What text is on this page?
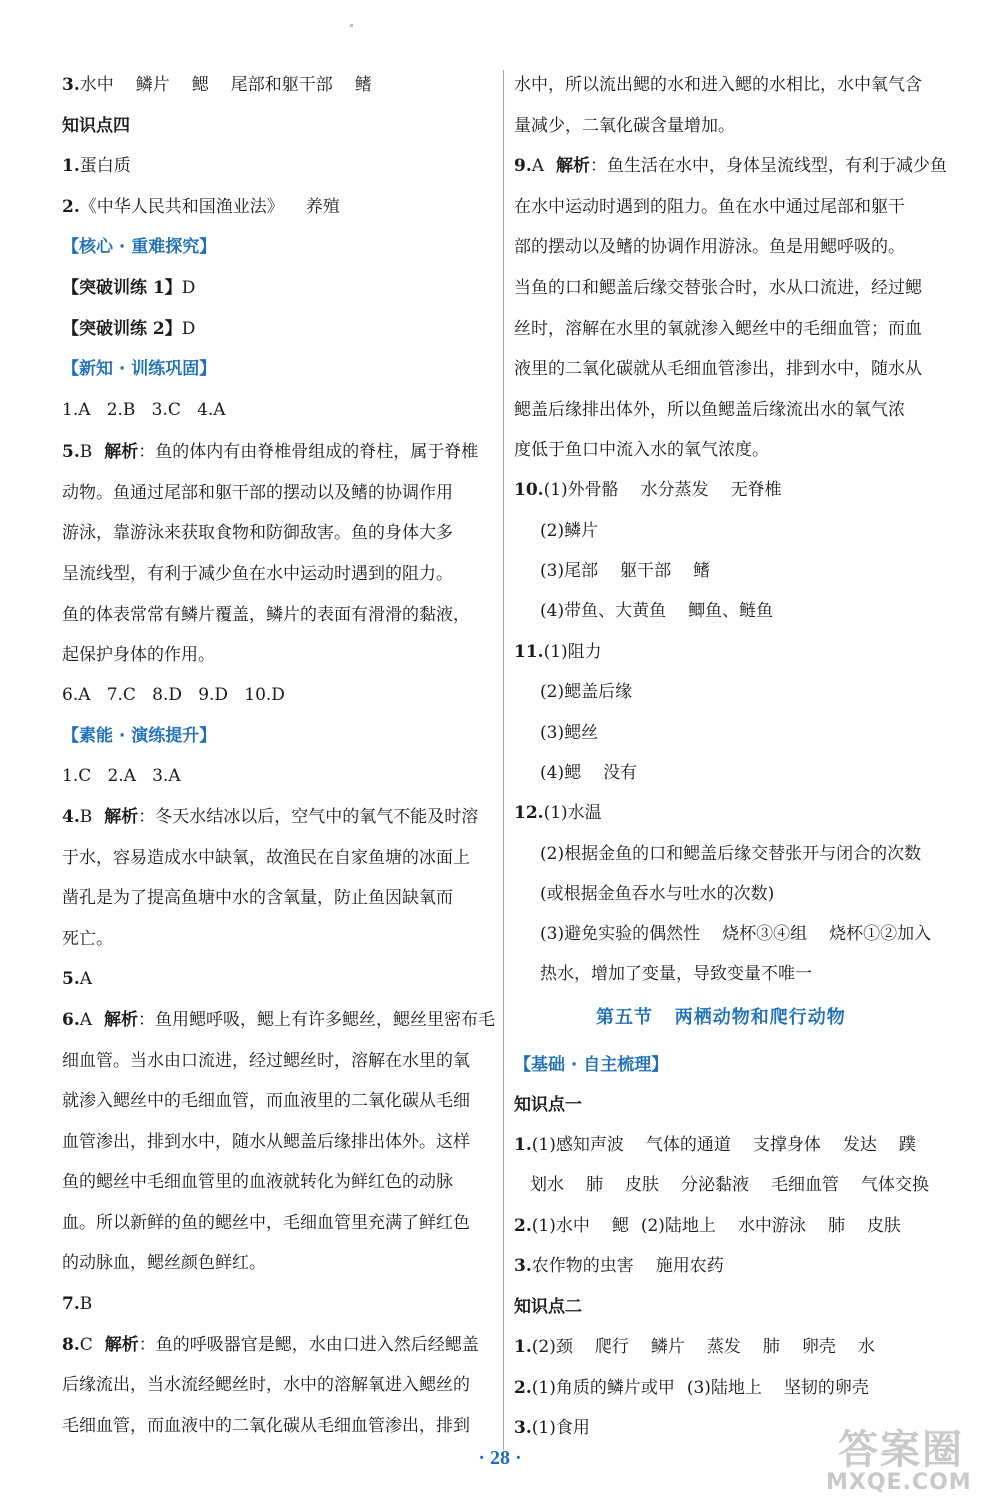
3.水中 鳞片 鳃 尾部和躯干部 鳍
知识点四
1.蛋白质
2.《中华人民共和国渔业法》 养殖
【核心 · 重难探究】
【突破训练 1】D
【突破训练 2】D
【新知 · 训练巩固】
1.A   2.B   3.C   4.A
5.B 解析：鱼的体内有由脊椎骨组成的脊柱，属于脊椎
动物。鱼通过尾部和躯干部的摆动以及鳍的协调作用
游泳，靠游泳来获取食物和防御敌害。鱼的身体大多
呈流线型，有利于减少鱼在水中运动时遇到的阻力。
鱼的体表常常有鳞片覆盖，鳞片的表面有滑滑的黏液，
起保护身体的作用。
6.A   7.C   8.D   9.D   10.D
【素能 · 演练提升】
1.C   2.A   3.A
4.B 解析：冬天水结冰以后，空气中的氧气不能及时溶
于水，容易造成水中缺氧，故渔民在自家鱼塘的冰面上
凿孔是为了提高鱼塘中水的含氧量，防止鱼因缺氧而
死亡。
5.A
6.A 解析：鱼用鳃呼吸，鳃上有许多鳃丝，鳃丝里密布毛
细血管。当水由口流进，经过鳃丝时，溶解在水里的氧
就渗入鳃丝中的毛细血管，而血液里的二氧化碳从毛细
血管渗出，排到水中，随水从鳃盖后缘排出体外。这样
鱼的鳃丝中毛细血管里的血液就转化为鲜红色的动脉
血。所以新鲜的鱼的鳃丝中，毛细血管里充满了鲜红色
的动脉血，鳃丝颜色鲜红。
7.B
8.C 解析：鱼的呼吸器官是鳃，水由口进入然后经鳃盖
后缘流出，当水流经鳃丝时，水中的溶解氧进入鳃丝的
毛细血管，而血液中的二氧化碳从毛细血管渗出，排到
水中，所以流出鳃的水和进入鳃的水相比，水中氧气含
量减少，二氧化碳含量增加。
9.A 解析：鱼生活在水中，身体呈流线型，有利于减少鱼
在水中运动时遇到的阻力。鱼在水中通过尾部和躯干
部的摆动以及鳍的协调作用游泳。鱼是用鳃呼吸的。
当鱼的口和鳃盖后缘交替张合时，水从口流进，经过鳃
丝时，溶解在水里的氧就渗入鳃丝中的毛细血管；而血
液里的二氧化碳就从毛细血管渗出，排到水中，随水从
鳃盖后缘排出体外，所以鱼鳃盖后缘流出水的氧气浓
度低于鱼口中流入水的氧气浓度。
10.(1)外骨骼 水分蒸发 无脊椎
(2)鳞片
(3)尾部 躯干部 鳍
(4)带鱼、大黄鱼 鲫鱼、鲢鱼
11.(1)阻力
(2)鳃盖后缘
(3)鳃丝
(4)鳃 没有
12.(1)水温
(2)根据金鱼的口和鳃盖后缘交替张开与闭合的次数
(或根据金鱼吞水与吐水的次数)
(3)避免实验的偶然性 烧杯③④组 烧杯①②加入
热水，增加了变量，导致变量不唯一
第五节   两栖动物和爬行动物
【基础 · 自主梳理】
知识点一
1.(1)感知声波 气体的通道 支撑身体 发达 蹼
划水 肺 皮肤 分泌黏液 毛细血管 气体交换
2.(1)水中 鳃 (2)陆地上 水中游泳 肺 皮肤
3.农作物的虫害 施用农药
知识点二
1.(2)颈 爬行 鳞片 蒸发 肺 卵壳 水
2.(1)角质的鳞片或甲 (3)陆地上 坚韧的卵壳
3.(1)食用
· 28 ·	答案圈
MXQE.COM
